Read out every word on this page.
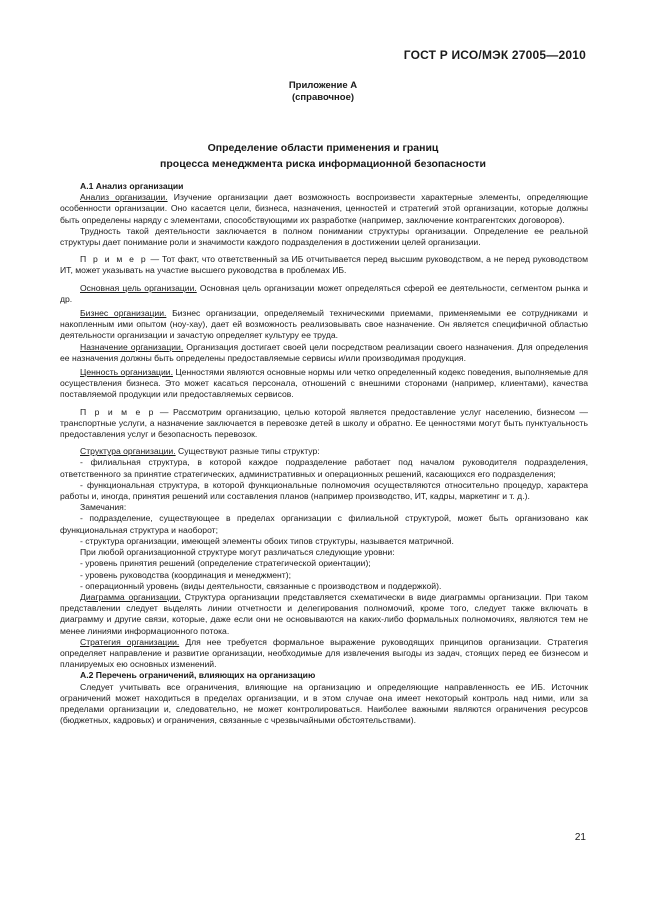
ГОСТ Р ИСО/МЭК 27005—2010
Приложение А
(справочное)
Определение области применения и границ
процесса менеджмента риска информационной безопасности

А.1 Анализ организации

Анализ организации. Изучение организации дает возможность воспроизвести характерные элементы, определяющие особенности организации. Оно касается цели, бизнеса, назначения, ценностей и стратегий этой организации, которые должны быть определены наряду с элементами, способствующими их разработке (например, заключение контрагентских договоров).

Трудность такой деятельности заключается в полном понимании структуры организации. Определение ее реальной структуры дает понимание роли и значимости каждого подразделения в достижении целей организации.

П р и м е р — Тот факт, что ответственный за ИБ отчитывается перед высшим руководством, а не перед руководством ИТ, может указывать на участие высшего руководства в проблемах ИБ.

Основная цель организации. Основная цель организации может определяться сферой ее деятельности, сегментом рынка и др.

Бизнес организации. Бизнес организации, определяемый техническими приемами, применяемыми ее сотрудниками и накопленным ими опытом (ноу-хау), дает ей возможность реализовывать свое назначение. Он является специфичной областью деятельности организации и зачастую определяет культуру ее труда.

Назначение организации. Организация достигает своей цели посредством реализации своего назначения. Для определения ее назначения должны быть определены предоставляемые сервисы и/или производимая продукция.

Ценность организации. Ценностями являются основные нормы или четко определенный кодекс поведения, выполняемые для осуществления бизнеса. Это может касаться персонала, отношений с внешними сторонами (например, клиентами), качества поставляемой продукции или предоставляемых сервисов.

П р и м е р — Рассмотрим организацию, целью которой является предоставление услуг населению, бизнесом — транспортные услуги, а назначение заключается в перевозке детей в школу и обратно. Ее ценностями могут быть пунктуальность предоставления услуг и безопасность перевозок.

Структура организации. Существуют разные типы структур:

- филиальная структура, в которой каждое подразделение работает под началом руководителя подразделения, ответственного за принятие стратегических, административных и операционных решений, касающихся его подразделения;

- функциональная структура, в которой функциональные полномочия осуществляются относительно процедур, характера работы и, иногда, принятия решений или составления планов (например производство, ИТ, кадры, маркетинг и т. д.).

Замечания:

- подразделение, существующее в пределах организации с филиальной структурой, может быть организовано как функциональная структура и наоборот;

- структура организации, имеющей элементы обоих типов структуры, называется матричной.

При любой организационной структуре могут различаться следующие уровни:

- уровень принятия решений (определение стратегической ориентации);

- уровень руководства (координация и менеджмент);

- операционный уровень (виды деятельности, связанные с производством и поддержкой).

Диаграмма организации. Структура организации представляется схематически в виде диаграммы организации. При таком представлении следует выделять линии отчетности и делегирования полномочий, кроме того, следует также включать в диаграмму и другие связи, которые, даже если они не основываются на каких-либо формальных полномочиях, являются тем не менее линиями информационного потока.

Стратегия организации. Для нее требуется формальное выражение руководящих принципов организации. Стратегия определяет направление и развитие организации, необходимые для извлечения выгоды из задач, стоящих перед ее бизнесом и планируемых ею основных изменений.

А.2 Перечень ограничений, влияющих на организацию

Следует учитывать все ограничения, влияющие на организацию и определяющие направленность ее ИБ. Источник ограничений может находиться в пределах организации, и в этом случае она имеет некоторый контроль над ними, или за пределами организации и, следовательно, не может контролироваться. Наиболее важными являются ограничения ресурсов (бюджетных, кадровых) и ограничения, связанные с чрезвычайными обстоятельствами).

21
